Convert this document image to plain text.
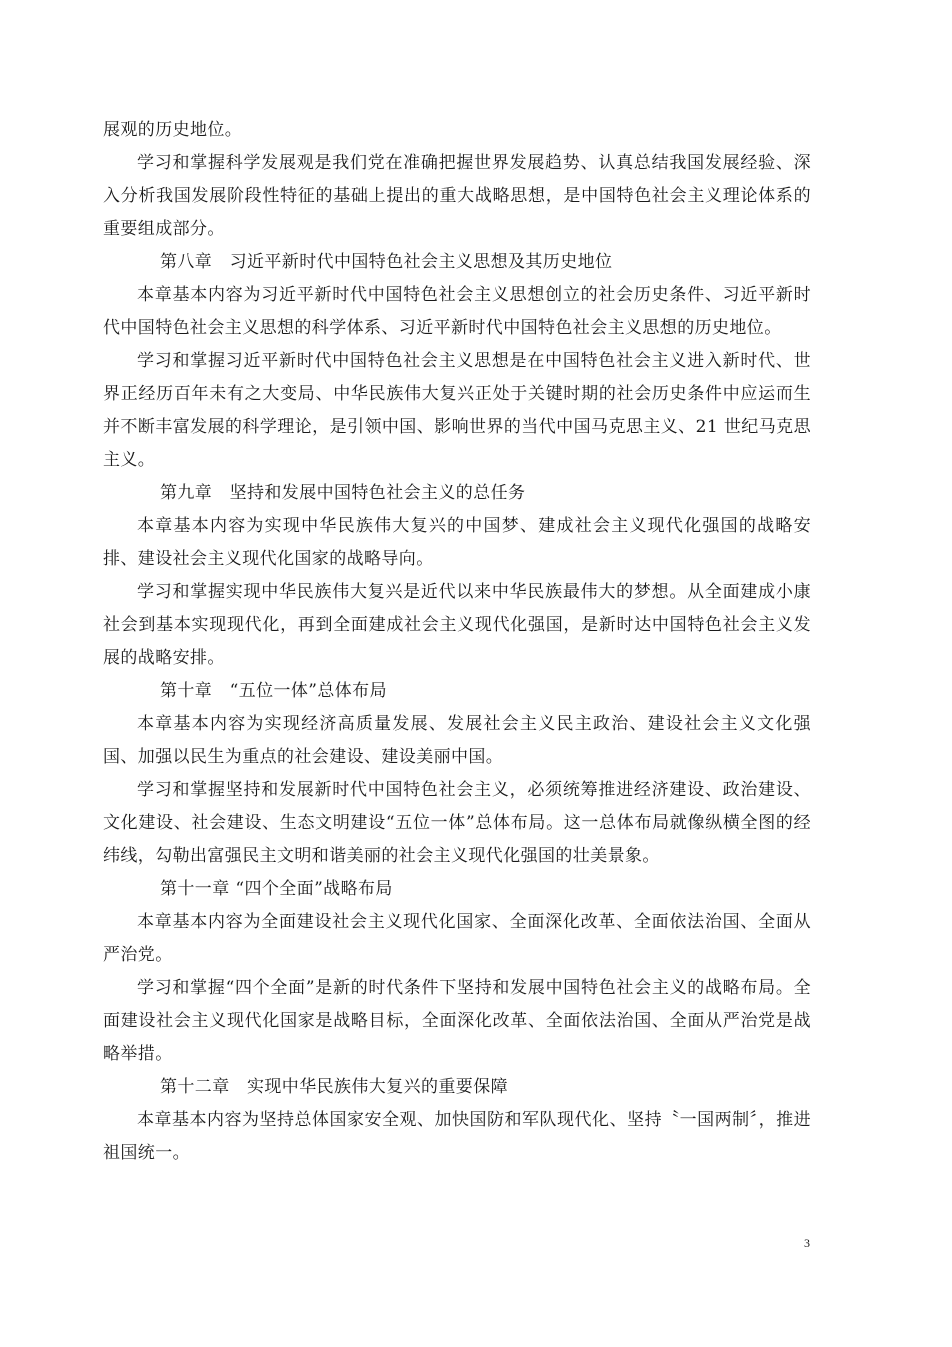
展观的历史地位。

学习和掌握科学发展观是我们党在准确把握世界发展趋势、认真总结我国发展经验、深入分析我国发展阶段性特征的基础上提出的重大战略思想，是中国特色社会主义理论体系的重要组成部分。

第八章　习近平新时代中国特色社会主义思想及其历史地位

本章基本内容为习近平新时代中国特色社会主义思想创立的社会历史条件、习近平新时代中国特色社会主义思想的科学体系、习近平新时代中国特色社会主义思想的历史地位。

学习和掌握习近平新时代中国特色社会主义思想是在中国特色社会主义进入新时代、世界正经历百年未有之大变局、中华民族伟大复兴正处于关键时期的社会历史条件中应运而生并不断丰富发展的科学理论，是引领中国、影响世界的当代中国马克思主义、21 世纪马克思主义。

第九章　坚持和发展中国特色社会主义的总任务

本章基本内容为实现中华民族伟大复兴的中国梦、建成社会主义现代化强国的战略安排、建设社会主义现代化国家的战略导向。

学习和掌握实现中华民族伟大复兴是近代以来中华民族最伟大的梦想。从全面建成小康社会到基本实现现代化，再到全面建成社会主义现代化强国，是新时达中国特色社会主义发展的战略安排。

第十章　“五位一体”总体布局

本章基本内容为实现经济高质量发展、发展社会主义民主政治、建设社会主义文化强国、加强以民生为重点的社会建设、建设美丽中国。

学习和掌握坚持和发展新时代中国特色社会主义，必须统筹推进经济建设、政治建设、文化建设、社会建设、生态文明建设“五位一体”总体布局。这一总体布局就像纵横全图的经纬线，勾勒出富强民主文明和谐美丽的社会主义现代化强国的壮美景象。

第十一章 “四个全面”战略布局

本章基本内容为全面建设社会主义现代化国家、全面深化改革、全面依法治国、全面从严治党。

学习和掌握“四个全面”是新的时代条件下坚持和发展中国特色社会主义的战略布局。全面建设社会主义现代化国家是战略目标，全面深化改革、全面依法治国、全面从严治党是战略举措。

第十二章　实现中华民族伟大复兴的重要保障

本章基本内容为坚持总体国家安全观、加快国防和军队现代化、坚持〝一国两制〞，推进祖国统一。

3
